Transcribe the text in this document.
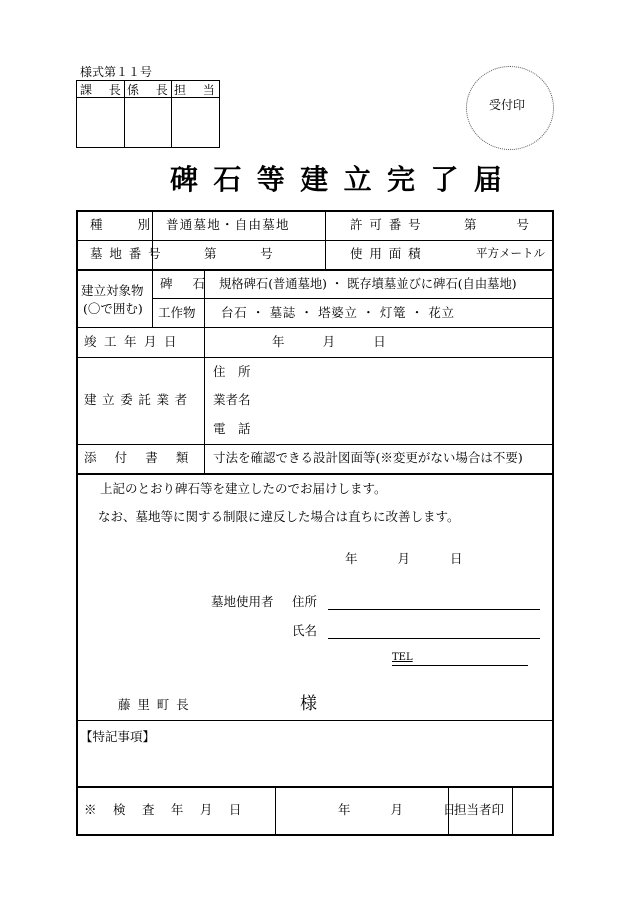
様式第１１号
課　長 係　長 担　当
受付印
碑石等建立完了届
種　別 普通墓地・自由墓地	許可番号	第　　号
墓地番号	第　　号	使用面積	平方メートル
建立対象物
(〇で囲む)
碑　石 規格碑石(普通墓地) ・ 既存墳墓並びに碑石(自由墓地)
工作物 台石 ・ 墓誌 ・ 塔婆立 ・ 灯篭 ・ 花立
竣工年月日	年　　月　　日
建立委託業者
住　所
業者名
電　話
添付書類 寸法を確認できる設計図面等(※変更がない場合は不要)
上記のとおり碑石等を建立したのでお届けします。
なお、墓地等に関する制限に違反した場合は直ちに改善します。
年　　月　　日
墓地使用者 住所
氏名
TEL
藤里町長	様
【特記事項】
※ 検 査 年 月 日	年　　月　　日
担当者印
